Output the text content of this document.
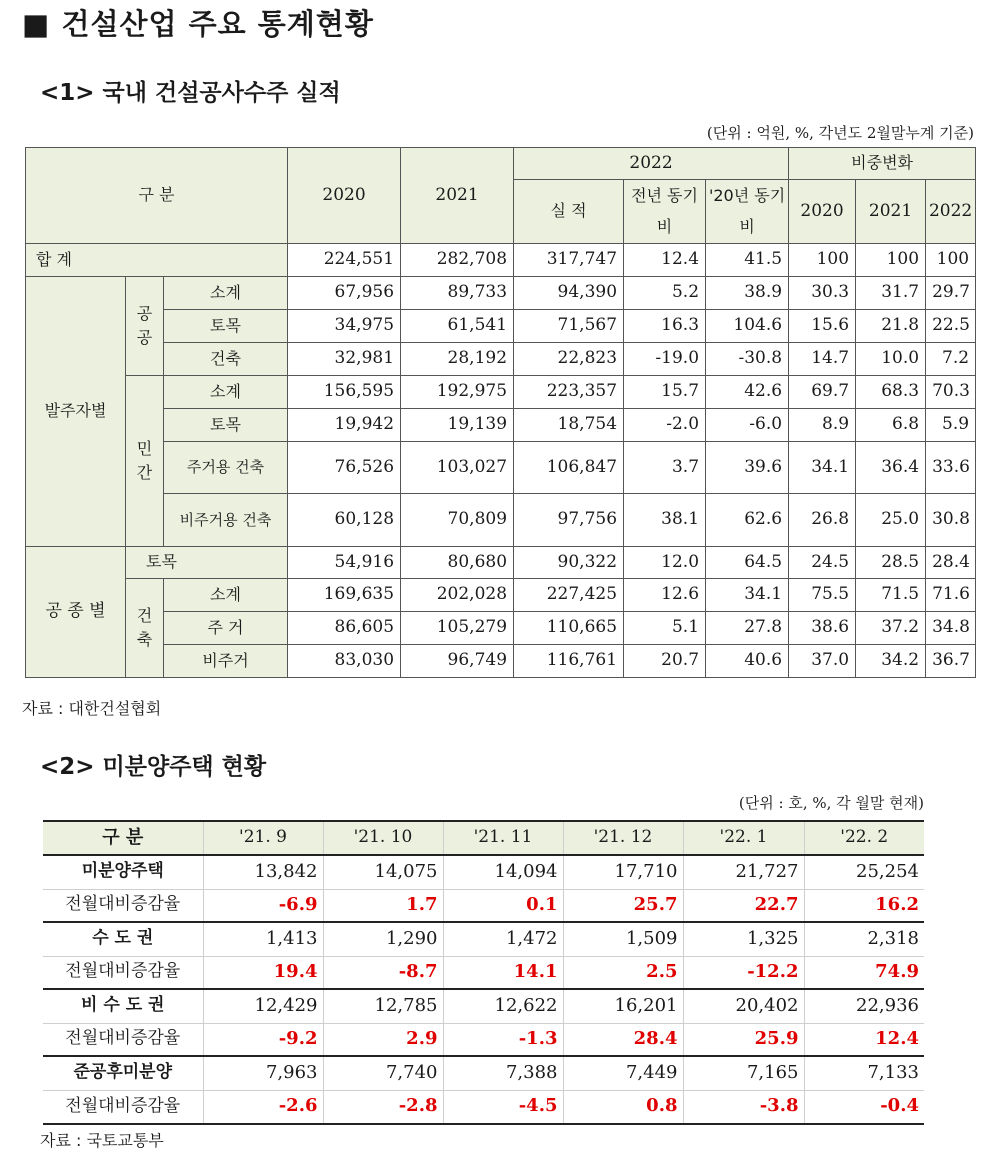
■ 건설산업 주요 통계현황
<1> 국내 건설공사수주 실적
(단위 : 억원, %, 각년도 2월말누계 기준)
구 분			2020	2021	2022			비중변화		
					실 적	전년 동기비	'20년 동기비	2020	2021	2022

합 계			224,551	282,708	317,747	12.4	41.5	100	100	100
발주자별	공 공	소계	67,956	89,733	94,390	5.2	38.9	30.3	31.7	29.7
		토목	34,975	61,541	71,567	16.3	104.6	15.6	21.8	22.5
		건축	32,981	28,192	22,823	-19.0	-30.8	14.7	10.0	7.2
	민 간	소계	156,595	192,975	223,357	15.7	42.6	69.7	68.3	70.3
		토목	19,942	19,139	18,754	-2.0	-6.0	8.9	6.8	5.9
		주거용 건축	76,526	103,027	106,847	3.7	39.6	34.1	36.4	33.6
		비주거용 건축	60,128	70,809	97,756	38.1	62.6	26.8	25.0	30.8
공 종 별	토목		54,916	80,680	90,322	12.0	64.5	24.5	28.5	28.4
	건 축	소계	169,635	202,028	227,425	12.6	34.1	75.5	71.5	71.6
		주 거	86,605	105,279	110,665	5.1	27.8	38.6	37.2	34.8
		비주거	83,030	96,749	116,761	20.7	40.6	37.0	34.2	36.7
자료 : 대한건설협회
<2> 미분양주택 현황
(단위 : 호, %, 각 월말 현재)
구 분	'21. 9	'21. 10	'21. 11	'21. 12	'22. 1	'22. 2
미분양주택	13,842	14,075	14,094	17,710	21,727	25,254
전월대비증감율	-6.9	1.7	0.1	25.7	22.7	16.2
수 도 권	1,413	1,290	1,472	1,509	1,325	2,318
전월대비증감율	19.4	-8.7	14.1	2.5	-12.2	74.9
비 수 도 권	12,429	12,785	12,622	16,201	20,402	22,936
전월대비증감율	-9.2	2.9	-1.3	28.4	25.9	12.4
준공후미분양	7,963	7,740	7,388	7,449	7,165	7,133
전월대비증감율	-2.6	-2.8	-4.5	0.8	-3.8	-0.4
자료 : 국토교통부
